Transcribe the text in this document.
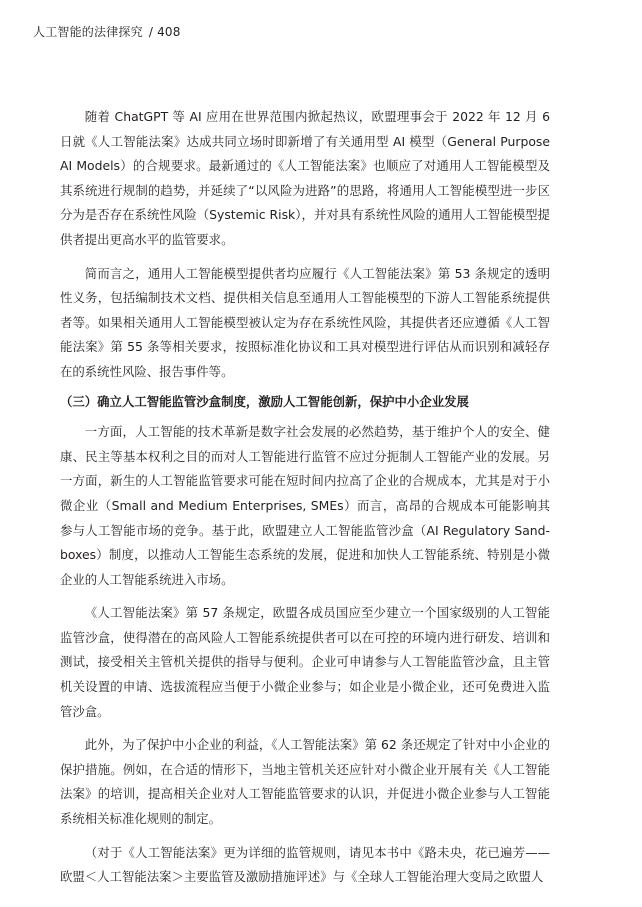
人工智能的法律探究 / 408

随着 ChatGPT 等 AI 应用在世界范围内掀起热议，欧盟理事会于 2022 年 12 月 6 日就《人工智能法案》达成共同立场时即新增了有关通用型 AI 模型（General Purpose AI Models）的合规要求。最新通过的《人工智能法案》也顺应了对通用人工智能模型及其系统进行规制的趋势，并延续了“以风险为进路”的思路，将通用人工智能模型进一步区分为是否存在系统性风险（Systemic Risk），并对具有系统性风险的通用人工智能模型提供者提出更高水平的监管要求。

简而言之，通用人工智能模型提供者均应履行《人工智能法案》第 53 条规定的透明性义务，包括编制技术文档、提供相关信息至通用人工智能模型的下游人工智能系统提供者等。如果相关通用人工智能模型被认定为存在系统性风险，其提供者还应遵循《人工智能法案》第 55 条等相关要求，按照标准化协议和工具对模型进行评估从而识别和减轻存在的系统性风险、报告事件等。

（三）确立人工智能监管沙盒制度，激励人工智能创新，保护中小企业发展

一方面，人工智能的技术革新是数字社会发展的必然趋势，基于维护个人的安全、健康、民主等基本权利之目的而对人工智能进行监管不应过分扼制人工智能产业的发展。另一方面，新生的人工智能监管要求可能在短时间内拉高了企业的合规成本，尤其是对于小微企业（Small and Medium Enterprises, SMEs）而言，高昂的合规成本可能影响其参与人工智能市场的竞争。基于此，欧盟建立人工智能监管沙盒（AI Regulatory Sand-boxes）制度，以推动人工智能生态系统的发展，促进和加快人工智能系统、特别是小微企业的人工智能系统进入市场。

《人工智能法案》第 57 条规定，欧盟各成员国应至少建立一个国家级别的人工智能监管沙盒，使得潜在的高风险人工智能系统提供者可以在可控的环境内进行研发、培训和测试，接受相关主管机关提供的指导与便利。企业可申请参与人工智能监管沙盒，且主管机关设置的申请、选拔流程应当便于小微企业参与；如企业是小微企业，还可免费进入监管沙盒。

此外，为了保护中小企业的利益，《人工智能法案》第 62 条还规定了针对中小企业的保护措施。例如，在合适的情形下，当地主管机关还应针对小微企业开展有关《人工智能法案》的培训，提高相关企业对人工智能监管要求的认识，并促进小微企业参与人工智能系统相关标准化规则的制定。

（对于《人工智能法案》更为详细的监管规则，请见本书中《路未央，花已遍芳——欧盟＜人工智能法案＞主要监管及激励措施评述》与《全球人工智能治理大变局之欧盟人
